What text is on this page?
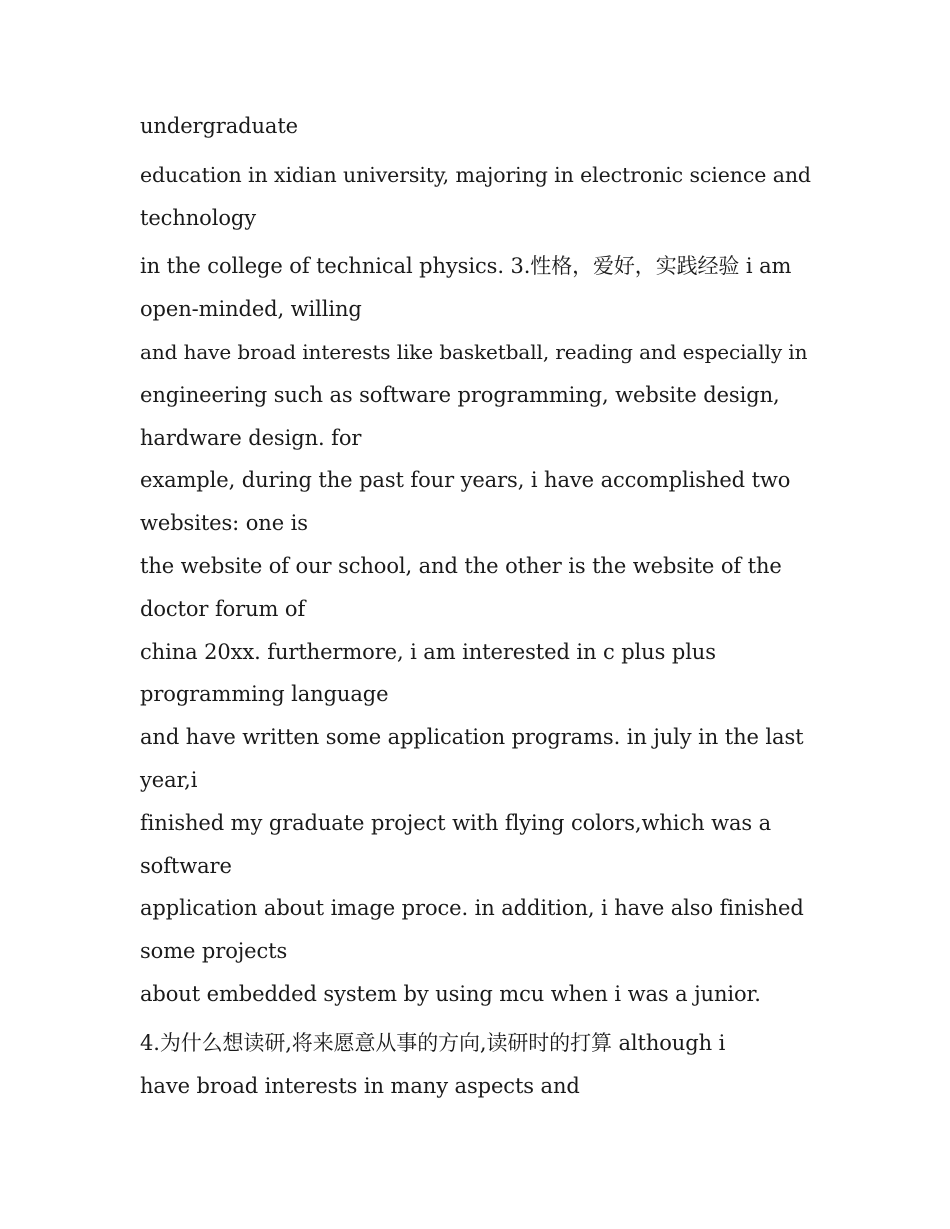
undergraduate

education in xidian university, majoring in electronic science and
technology

in the college of technical physics. 3.性格，爱好，实践经验 i am
open-minded, willing
and have broad interests like basketball, reading and especially in
engineering such as software programming, website design,
hardware design. for
example, during the past four years, i have accomplished two
websites: one is
the website of our school, and the other is the website of the
doctor forum of
china 20xx. furthermore, i am interested in c plus plus
programming language
and have written some application programs. in july in the last
year,i
finished my graduate project with flying colors,which was a
software
application about image proce. in addition, i have also finished
some projects
about embedded system by using mcu when i was a junior.

4.为什么想读研,将来愿意从事的方向,读研时的打算 although i
have broad interests in many aspects and
